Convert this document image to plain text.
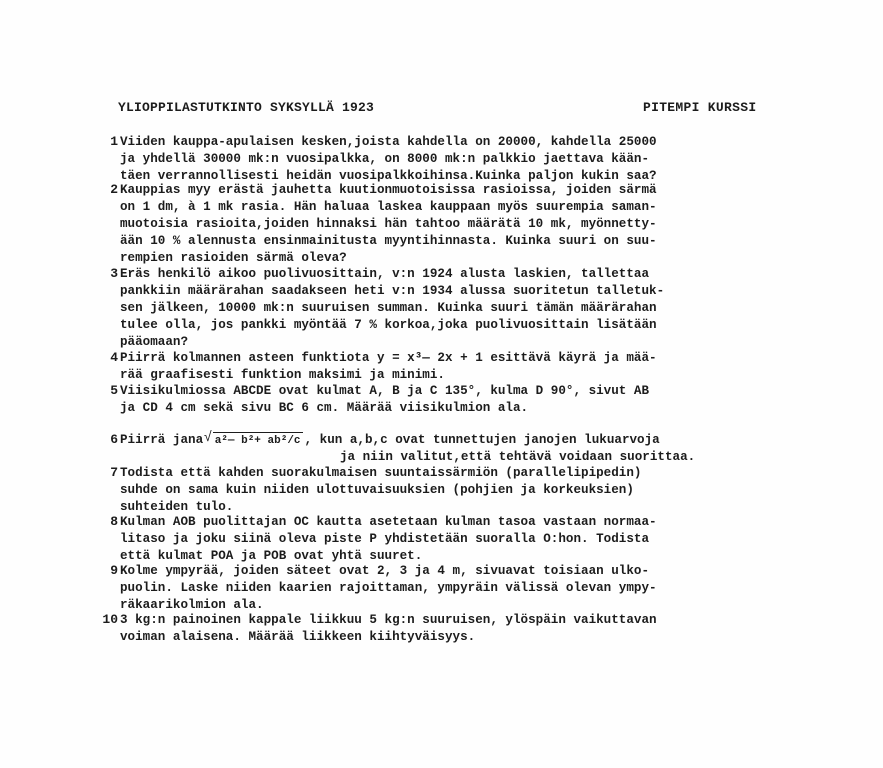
YLIOPPILASTUTKINTO SYKSYLLÄ 1923	PITEMPI KURSSI
1 Viiden kauppa-apulaisen kesken,joista kahdella on 20000, kahdella 25000
ja yhdellä 30000 mk:n vuosipalkka, on 8000 mk:n palkkio jaettava kään-
täen verrannollisesti heidän vuosipalkkoihinsa.Kuinka paljon kukin saa?
2 Kauppias myy erästä jauhetta kuutionmuotoisissa rasioissa, joiden särmä
on 1 dm, à 1 mk rasia. Hän haluaa laskea kauppaan myös suurempia saman-
muotoisia rasioita,joiden hinnaksi hän tahtoo määrätä 10 mk, myönnetty-
ään 10 % alennusta ensinmainitusta myyntihinnasta. Kuinka suuri on suu-
rempien rasioiden särmä oleva?
3 Eräs henkilö aikoo puolivuosittain, v:n 1924 alusta laskien, tallettaa
pankkiin määrärahan saadakseen heti v:n 1934 alussa suoritetun talletuk-
sen jälkeen, 10000 mk:n suuruisen summan. Kuinka suuri tämän määrärahan
tulee olla, jos pankki myöntää 7 % korkoa,joka puolivuosittain lisätään
pääomaan?
4 Piirrä kolmannen asteen funktiota y = x³— 2x + 1 esittävä käyrä ja mää-
rää graafisesti funktion maksimi ja minimi.
5 Viisikulmiossa ABCDE ovat kulmat A, B ja C 135°, kulma D 90°, sivut AB
ja CD 4 cm sekä sivu BC 6 cm. Määrää viisikulmion ala.
6 Piirrä jana √ a²— b²+ ab²/c , kun a,b,c ovat tunnettujen janojen lukuarvoja
ja niin valitut,että tehtävä voidaan suorittaa.
7 Todista että kahden suorakulmaisen suuntaissärmiön (parallelipipedin)
suhde on sama kuin niiden ulottuvaisuuksien (pohjien ja korkeuksien)
suhteiden tulo.
8 Kulman AOB puolittajan OC kautta asetetaan kulman tasoa vastaan normaa-
litaso ja joku siinä oleva piste P yhdistetään suoralla O:hon. Todista
että kulmat POA ja POB ovat yhtä suuret.
9 Kolme ympyrää, joiden säteet ovat 2, 3 ja 4 m, sivuavat toisiaan ulko-
puolin. Laske niiden kaarien rajoittaman, ympyräin välissä olevan ympy-
räkaarikolmion ala.
10 3 kg:n painoinen kappale liikkuu 5 kg:n suuruisen, ylöspäin vaikuttavan
voiman alaisena. Määrää liikkeen kiihtyväisyys.
